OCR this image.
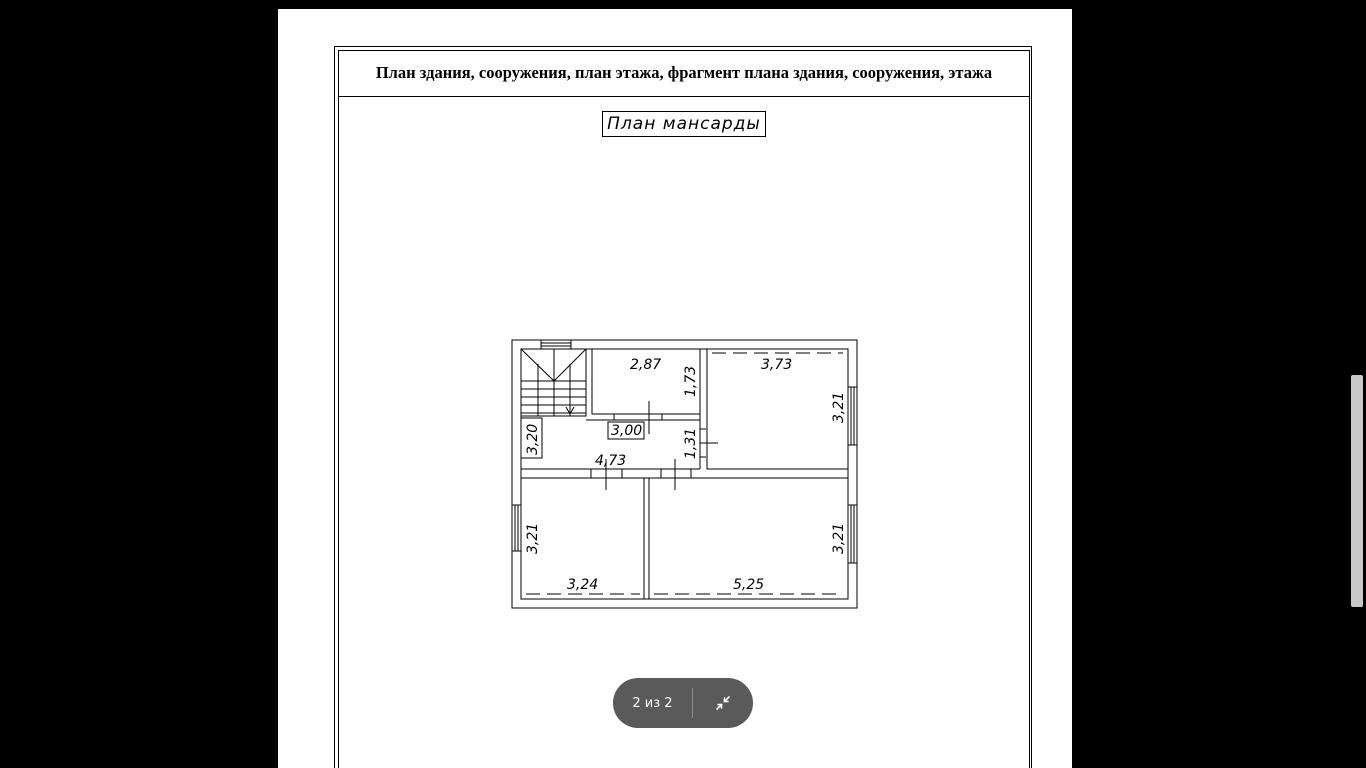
План здания, сооружения, план этажа, фрагмент плана здания, сооружения, этажа
План мансарды
2,87
1,73
3,73
3,21
3,00
3,20
4,73
1,31
3,24
3,21
5,25
3,21
2 из 2
